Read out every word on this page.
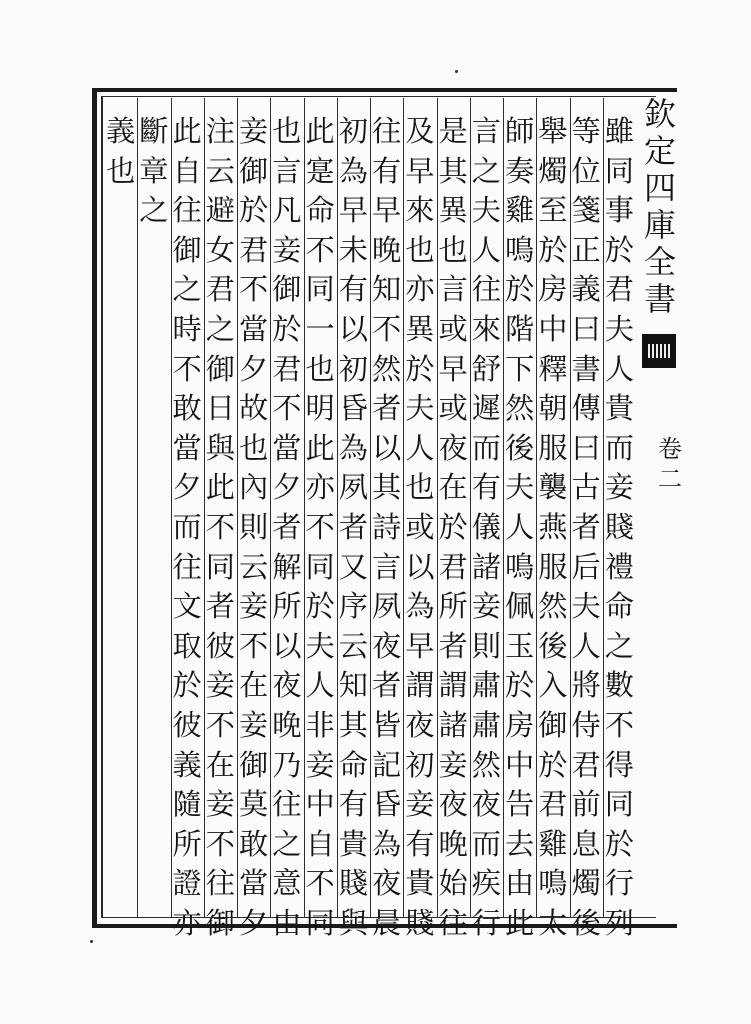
欽
定
四
庫
全
書
卷
二
雖
同
事
於
君
夫
人
貴
而
妾
賤
禮
命
之
數
不
得
同
於
行
列
等
位
箋
正
義
曰
書
傳
曰
古
者
后
夫
人
將
侍
君
前
息
燭
後
舉
燭
至
於
房
中
釋
朝
服
襲
燕
服
然
後
入
御
於
君
雞
鳴
太
師
奏
雞
鳴
於
階
下
然
後
夫
人
鳴
佩
玉
於
房
中
告
去
由
此
言
之
夫
人
往
來
舒
遲
而
有
儀
諸
妾
則
肅
肅
然
夜
而
疾
行
是
其
異
也
言
或
早
或
夜
在
於
君
所
者
謂
諸
妾
夜
晚
始
往
及
早
來
也
亦
異
於
夫
人
也
或
以
為
早
謂
夜
初
妾
有
貴
賤
往
有
早
晚
知
不
然
者
以
其
詩
言
夙
夜
者
皆
記
昏
為
夜
晨
初
為
早
未
有
以
初
昏
為
夙
者
又
序
云
知
其
命
有
貴
賤
與
此
寔
命
不
同
一
也
明
此
亦
不
同
於
夫
人
非
妾
中
自
不
同
也
言
凡
妾
御
於
君
不
當
夕
者
解
所
以
夜
晚
乃
往
之
意
由
妾
御
於
君
不
當
夕
故
也
內
則
云
妾
不
在
妾
御
莫
敢
當
夕
注
云
避
女
君
之
御
日
與
此
不
同
者
彼
妾
不
在
妾
不
往
御
此
自
往
御
之
時
不
敢
當
夕
而
往
文
取
於
彼
義
隨
所
證
亦
斷
章
之
義
也
